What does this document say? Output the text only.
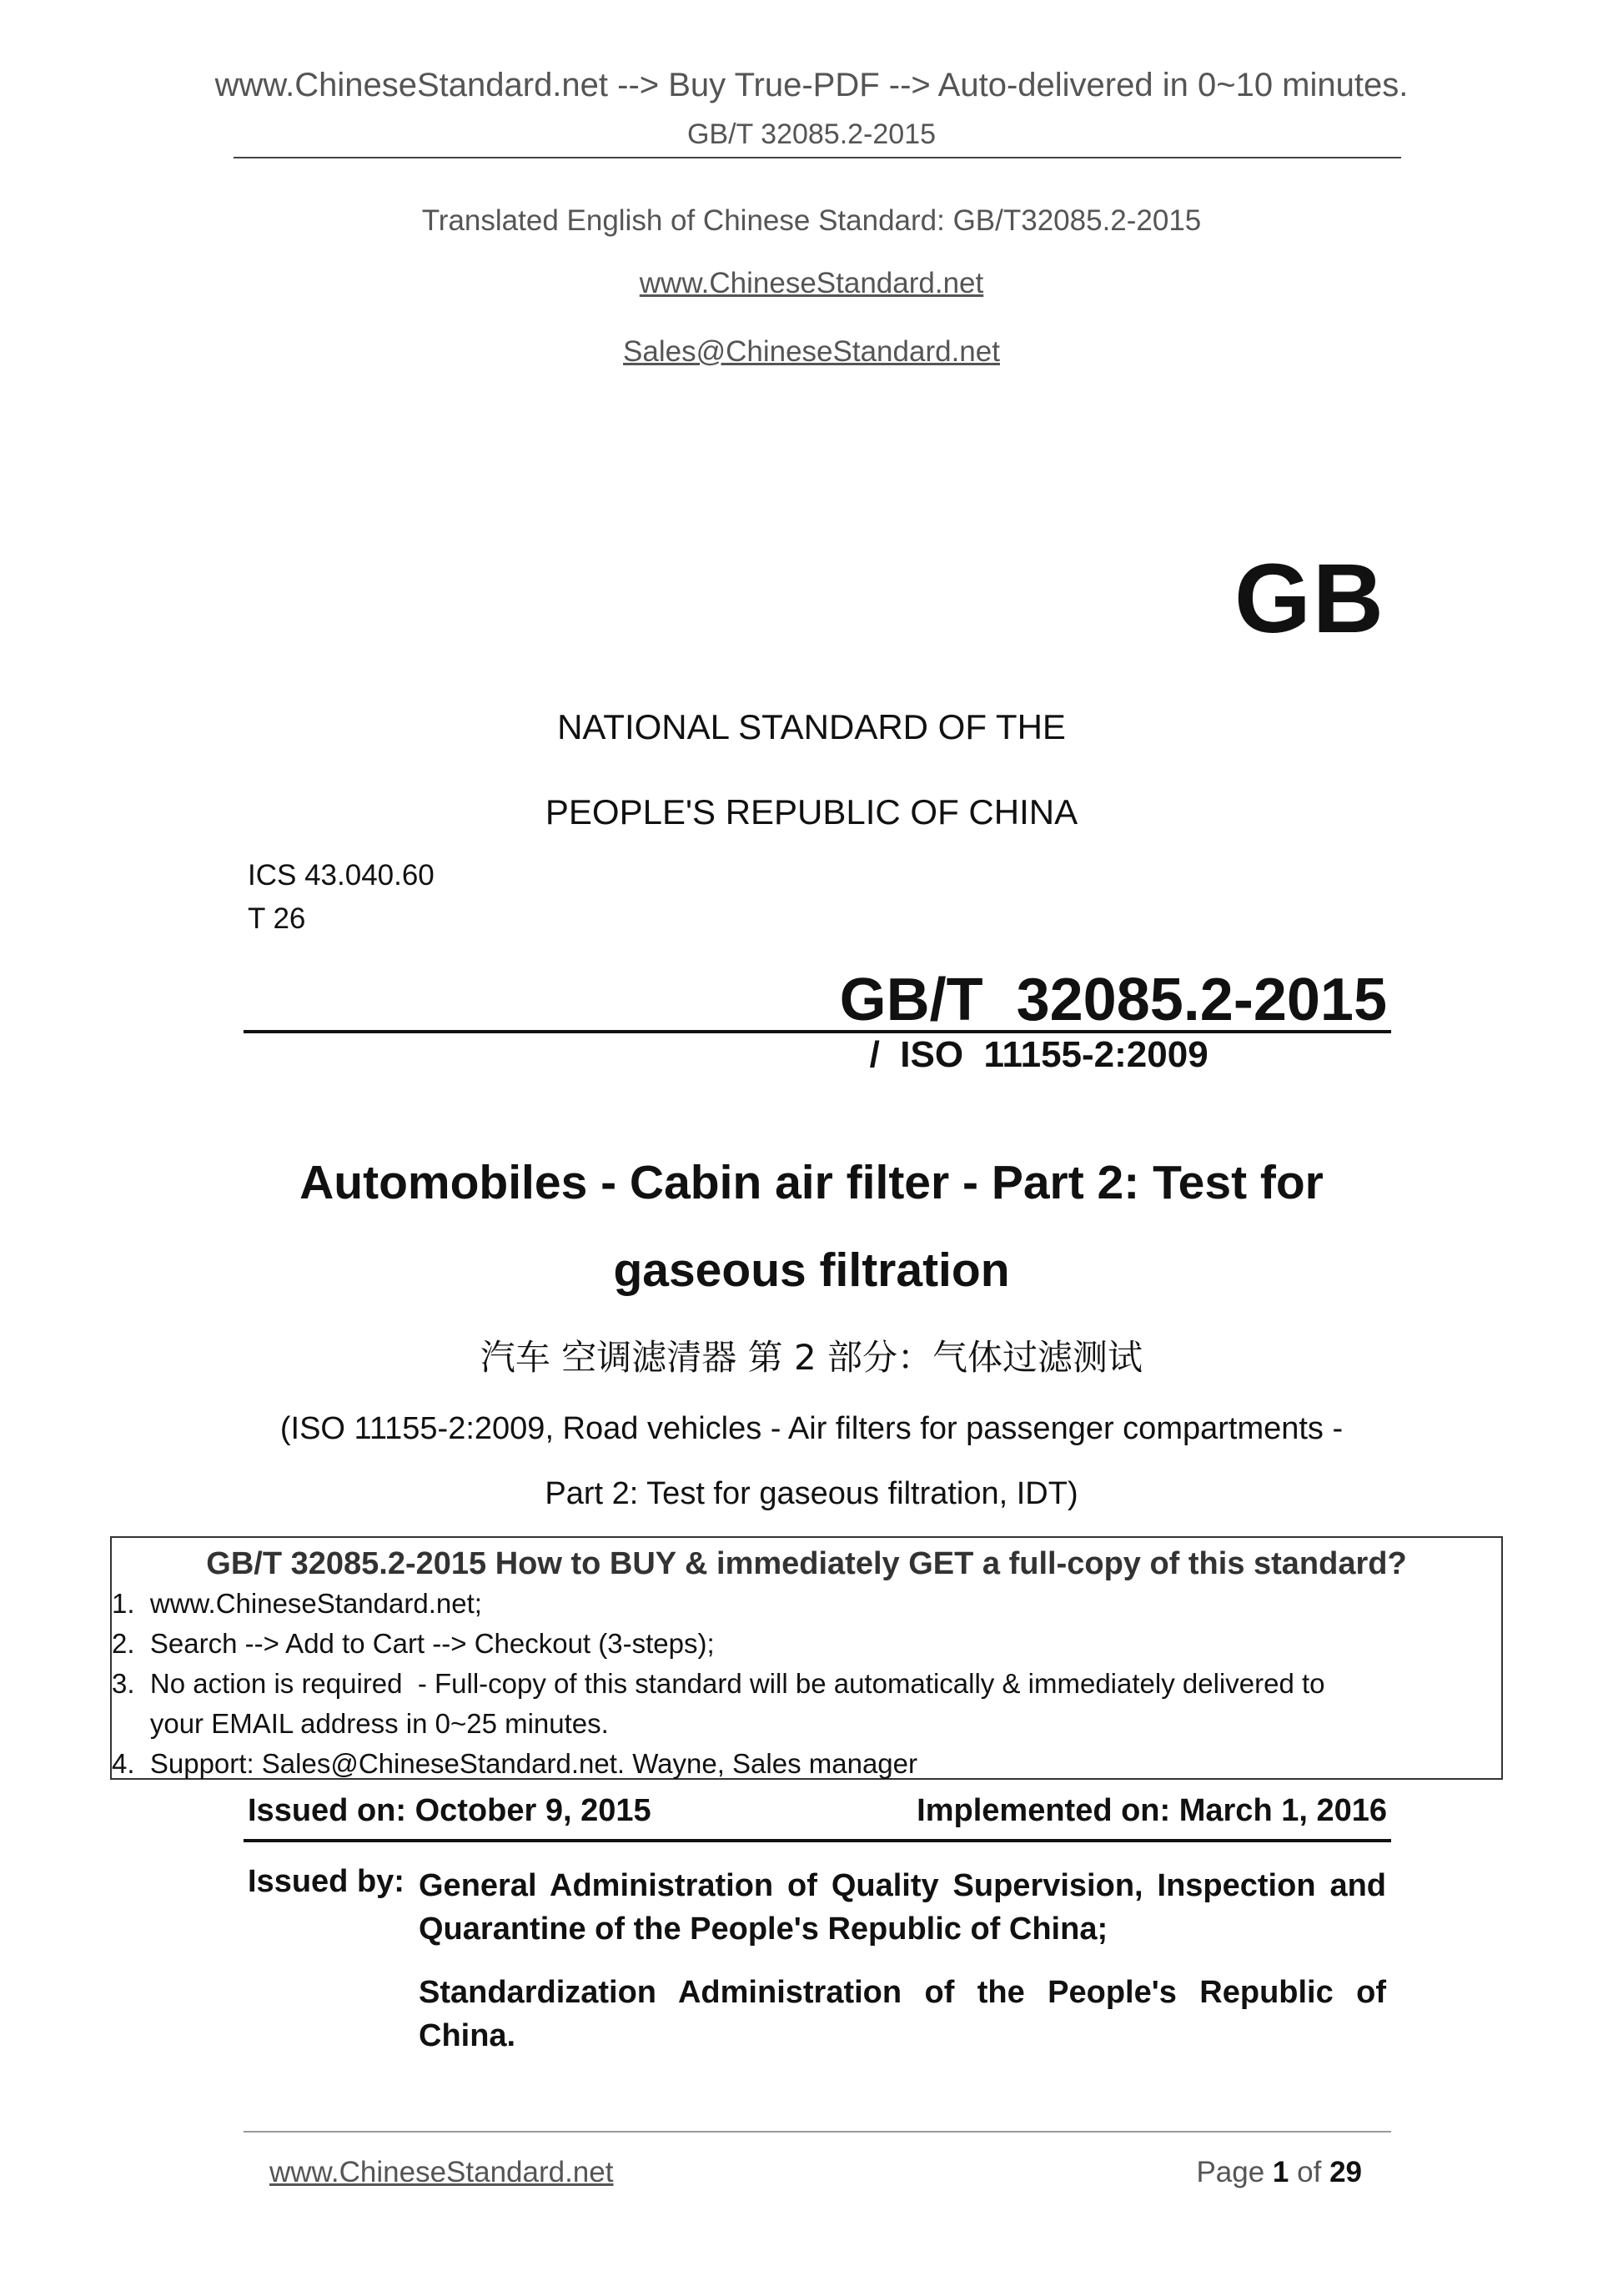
www.ChineseStandard.net --> Buy True-PDF --> Auto-delivered in 0~10 minutes.
GB/T 32085.2-2015
Translated English of Chinese Standard: GB/T32085.2-2015
www.ChineseStandard.net
Sales@ChineseStandard.net
GB
NATIONAL STANDARD OF THE
PEOPLE'S REPUBLIC OF CHINA
ICS 43.040.60
T 26

GB/T  32085.2-2015
/  ISO  11155-2:2009

Automobiles - Cabin air filter - Part 2: Test for
gaseous filtration
汽车 空调滤清器 第 2 部分：气体过滤测试
(ISO 11155-2:2009, Road vehicles - Air filters for passenger compartments -
Part 2: Test for gaseous filtration, IDT)
GB/T 32085.2-2015 How to BUY & immediately GET a full-copy of this standard?
1.  www.ChineseStandard.net;
2.  Search --> Add to Cart --> Checkout (3-steps);
3.  No action is required  - Full-copy of this standard will be automatically & immediately delivered to
your EMAIL address in 0~25 minutes.
4.  Support: Sales@ChineseStandard.net. Wayne, Sales manager
Issued on: October 9, 2015	Implemented on: March 1, 2016
Issued by: General Administration of Quality Supervision, Inspection and Quarantine of the People's Republic of China;
Standardization Administration of the People's Republic of China.
www.ChineseStandard.net	Page 1 of 29
